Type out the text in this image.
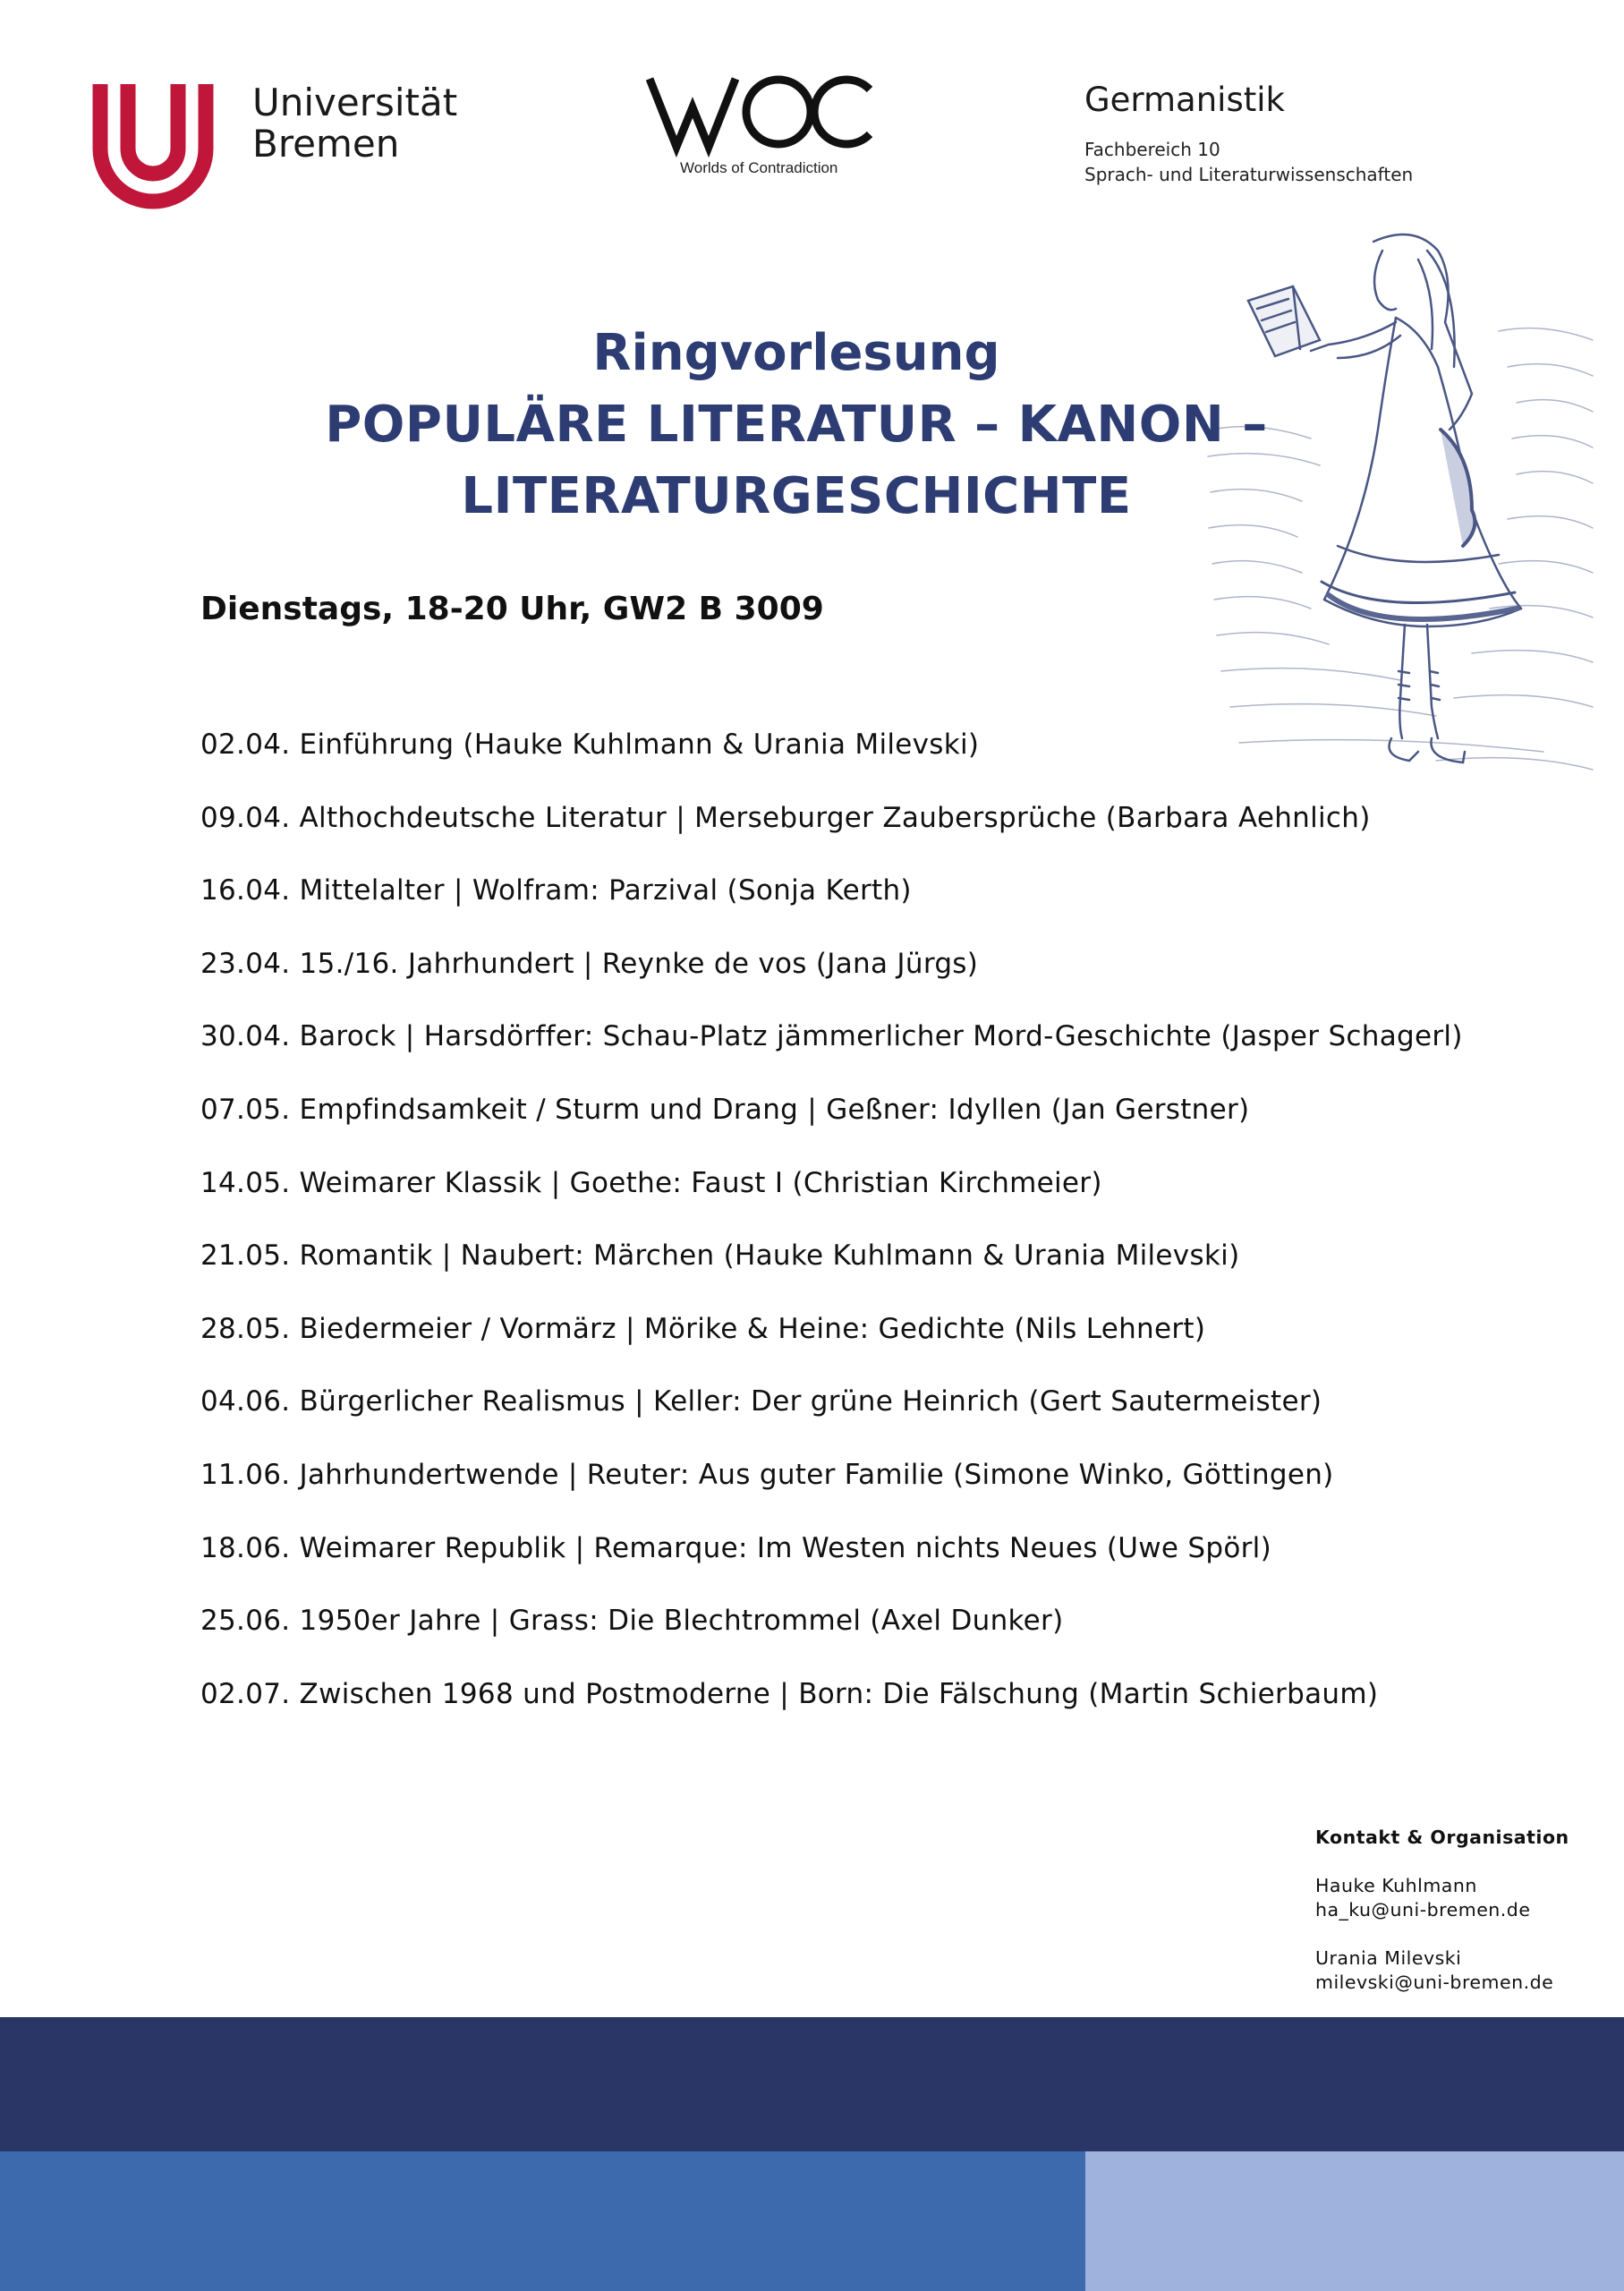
Universität
Bremen
Worlds of Contradiction
Germanistik
Fachbereich 10
Sprach- und Literaturwissenschaften
Ringvorlesung
POPULÄRE LITERATUR – KANON –
LITERATURGESCHICHTE
Dienstags, 18-20 Uhr, GW2 B 3009
02.04. Einführung (Hauke Kuhlmann & Urania Milevski)
09.04. Althochdeutsche Literatur | Merseburger Zaubersprüche (Barbara Aehnlich)
16.04. Mittelalter | Wolfram: Parzival (Sonja Kerth)
23.04. 15./16. Jahrhundert | Reynke de vos (Jana Jürgs)
30.04. Barock | Harsdörffer: Schau-Platz jämmerlicher Mord-Geschichte (Jasper Schagerl)
07.05. Empfindsamkeit / Sturm und Drang | Geßner: Idyllen (Jan Gerstner)
14.05. Weimarer Klassik | Goethe: Faust I (Christian Kirchmeier)
21.05. Romantik | Naubert: Märchen (Hauke Kuhlmann & Urania Milevski)
28.05. Biedermeier / Vormärz | Mörike & Heine: Gedichte (Nils Lehnert)
04.06. Bürgerlicher Realismus | Keller: Der grüne Heinrich (Gert Sautermeister)
11.06. Jahrhundertwende | Reuter: Aus guter Familie (Simone Winko, Göttingen)
18.06. Weimarer Republik | Remarque: Im Westen nichts Neues (Uwe Spörl)
25.06. 1950er Jahre | Grass: Die Blechtrommel (Axel Dunker)
02.07. Zwischen 1968 und Postmoderne | Born: Die Fälschung (Martin Schierbaum)
Kontakt & Organisation
Hauke Kuhlmann
ha_ku@uni-bremen.de
Urania Milevski
milevski@uni-bremen.de
